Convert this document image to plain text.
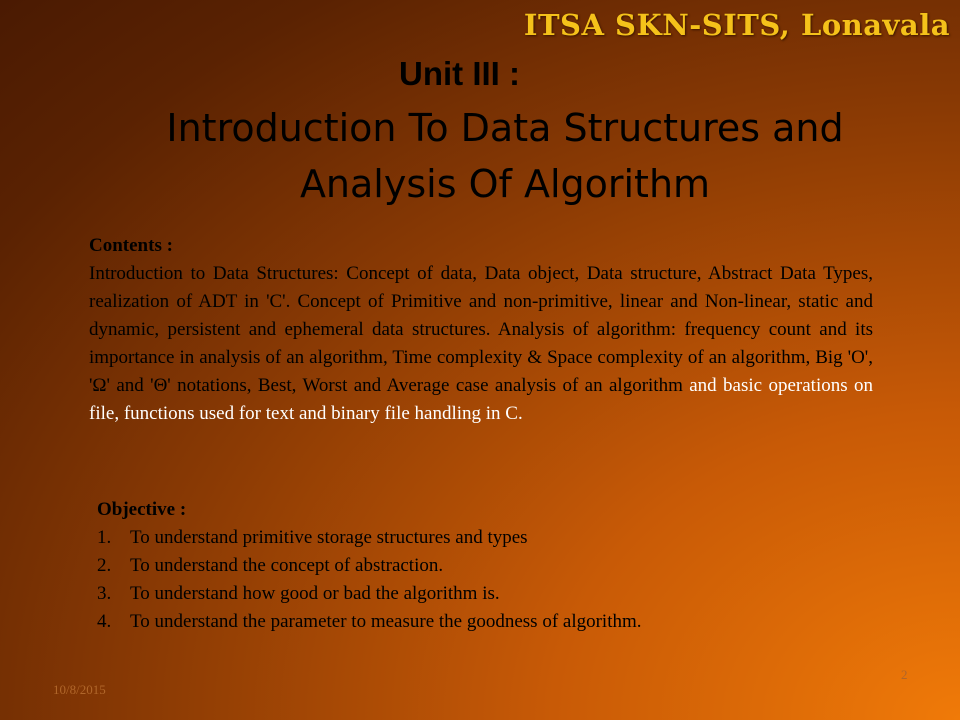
ITSA SKN-SITS, Lonavala
Unit III :
Introduction To Data Structures and Analysis Of Algorithm
Contents :
Introduction to Data Structures: Concept of data, Data object, Data structure, Abstract Data Types, realization of ADT in 'C'. Concept of Primitive and non-primitive, linear and Non-linear, static and dynamic, persistent and ephemeral data structures. Analysis of algorithm: frequency count and its importance in analysis of an algorithm, Time complexity & Space complexity of an algorithm, Big 'O', 'Ω' and 'Θ' notations, Best, Worst and Average case analysis of an algorithm and basic operations on file, functions used for text and binary file handling in C.
Objective :
1. To understand primitive storage structures and types
2. To understand the concept of abstraction.
3. To understand how good or bad the algorithm is.
4. To understand the parameter to measure the goodness of algorithm.
10/8/2015
2
